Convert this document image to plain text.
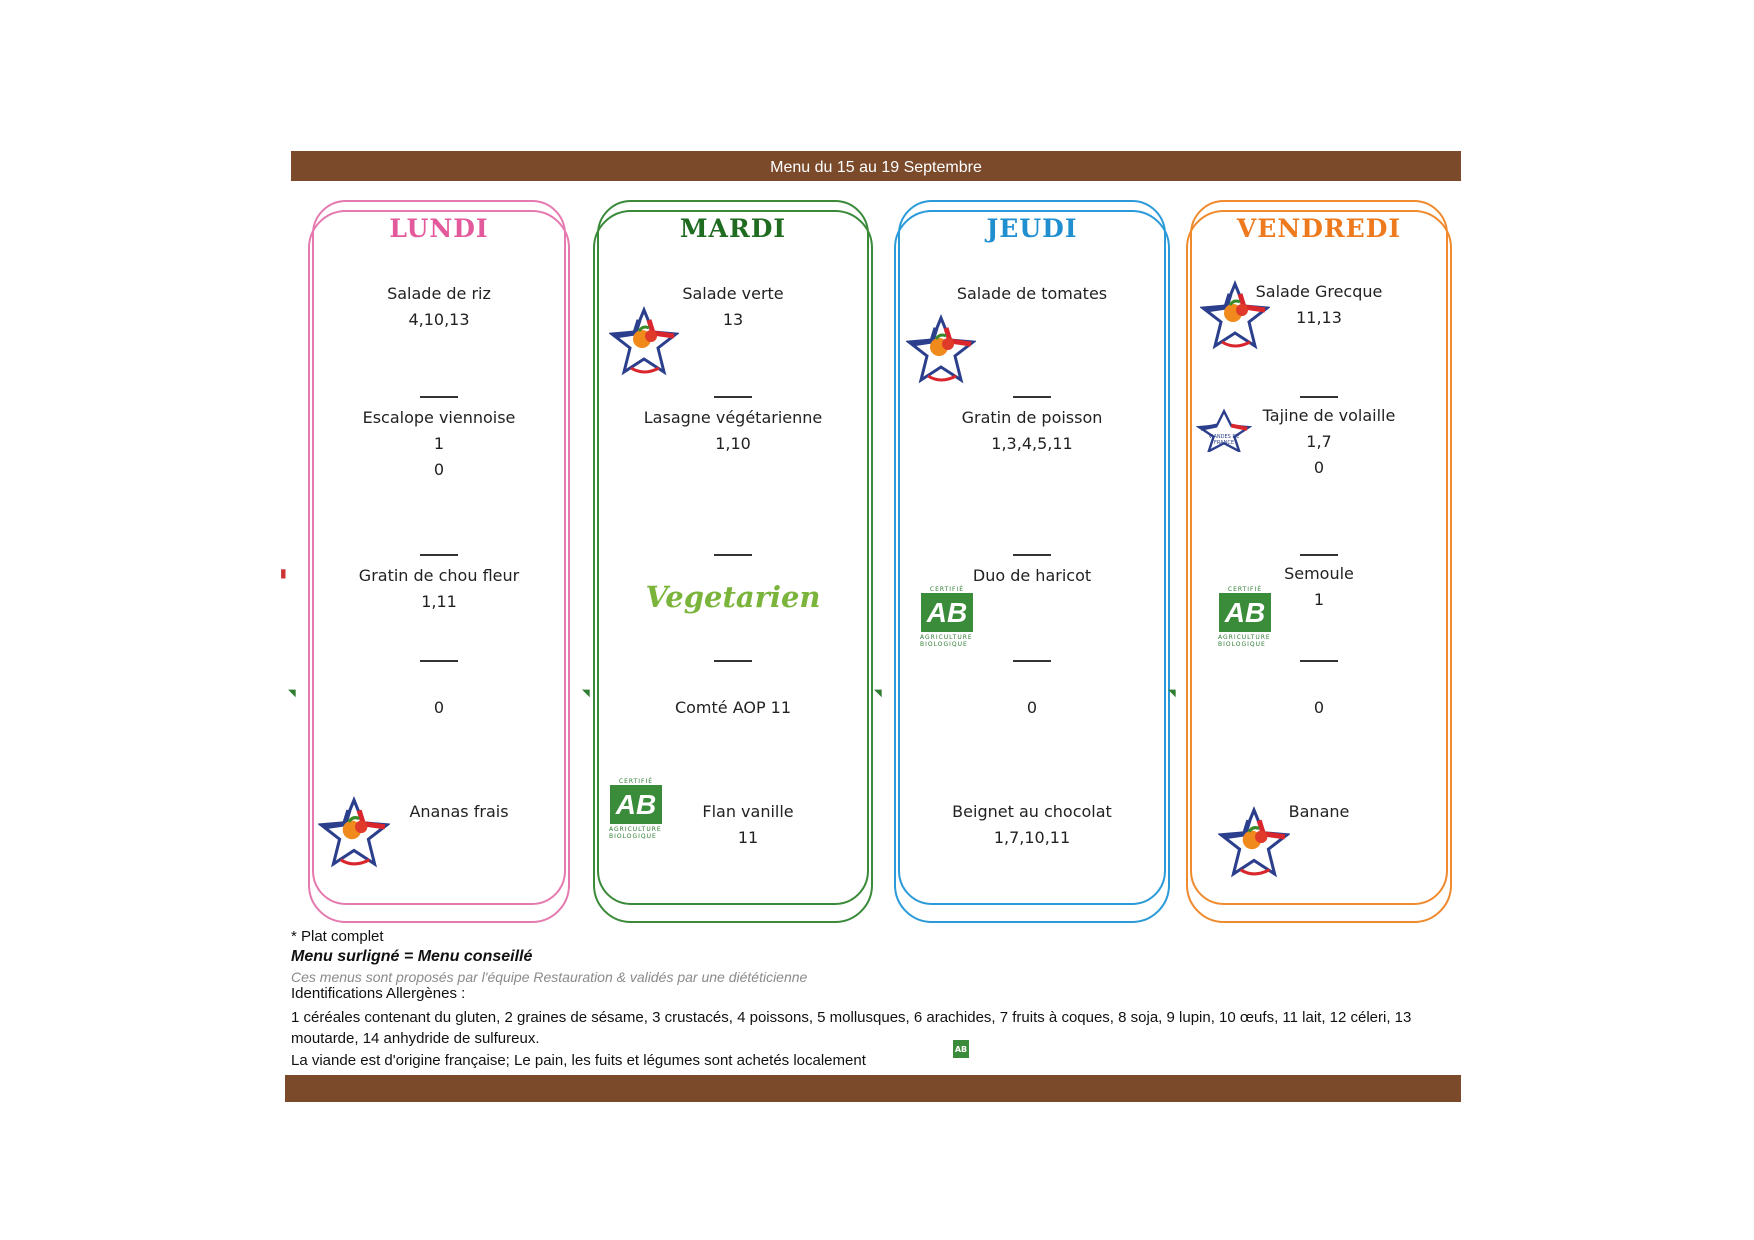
Menu du 15 au 19 Septembre
▮
LUNDI
Salade de riz
4,10,13
Escalope viennoise
1
0
Gratin de chou fleur
1,11
0
Ananas frais
MARDI
Salade verte
13
Lasagne végétarienne
1,10
Vegetarien
Comté AOP 11
Flan vanille
11
CERTIFIÉ
AB
AGRICULTURE BIOLOGIQUE
JEUDI
Salade de tomates
Gratin de poisson
1,3,4,5,11
Duo de haricot
CERTIFIÉ
AB
AGRICULTURE BIOLOGIQUE
0
Beignet au chocolat
1,7,10,11
VENDREDI
Salade Grecque
11,13
Tajine de volaille
1,7
0
VIANDES DE FRANCE
Semoule
1
CERTIFIÉ
AB
AGRICULTURE BIOLOGIQUE
0
Banane
◥	◥	◥	◥
* Plat complet
Menu surligné = Menu conseillé
Ces menus sont proposés par l'équipe Restauration & validés par une diététicienne
Identifications Allergènes :
1 céréales contenant du gluten, 2 graines de sésame, 3 crustacés, 4 poissons, 5 mollusques, 6 arachides, 7 fruits à coques, 8 soja, 9 lupin, 10 œufs, 11 lait, 12 céleri, 13 moutarde, 14 anhydride de sulfureux.
La viande est d'origine française; Le pain, les fuits et légumes sont achetés localement
AB
